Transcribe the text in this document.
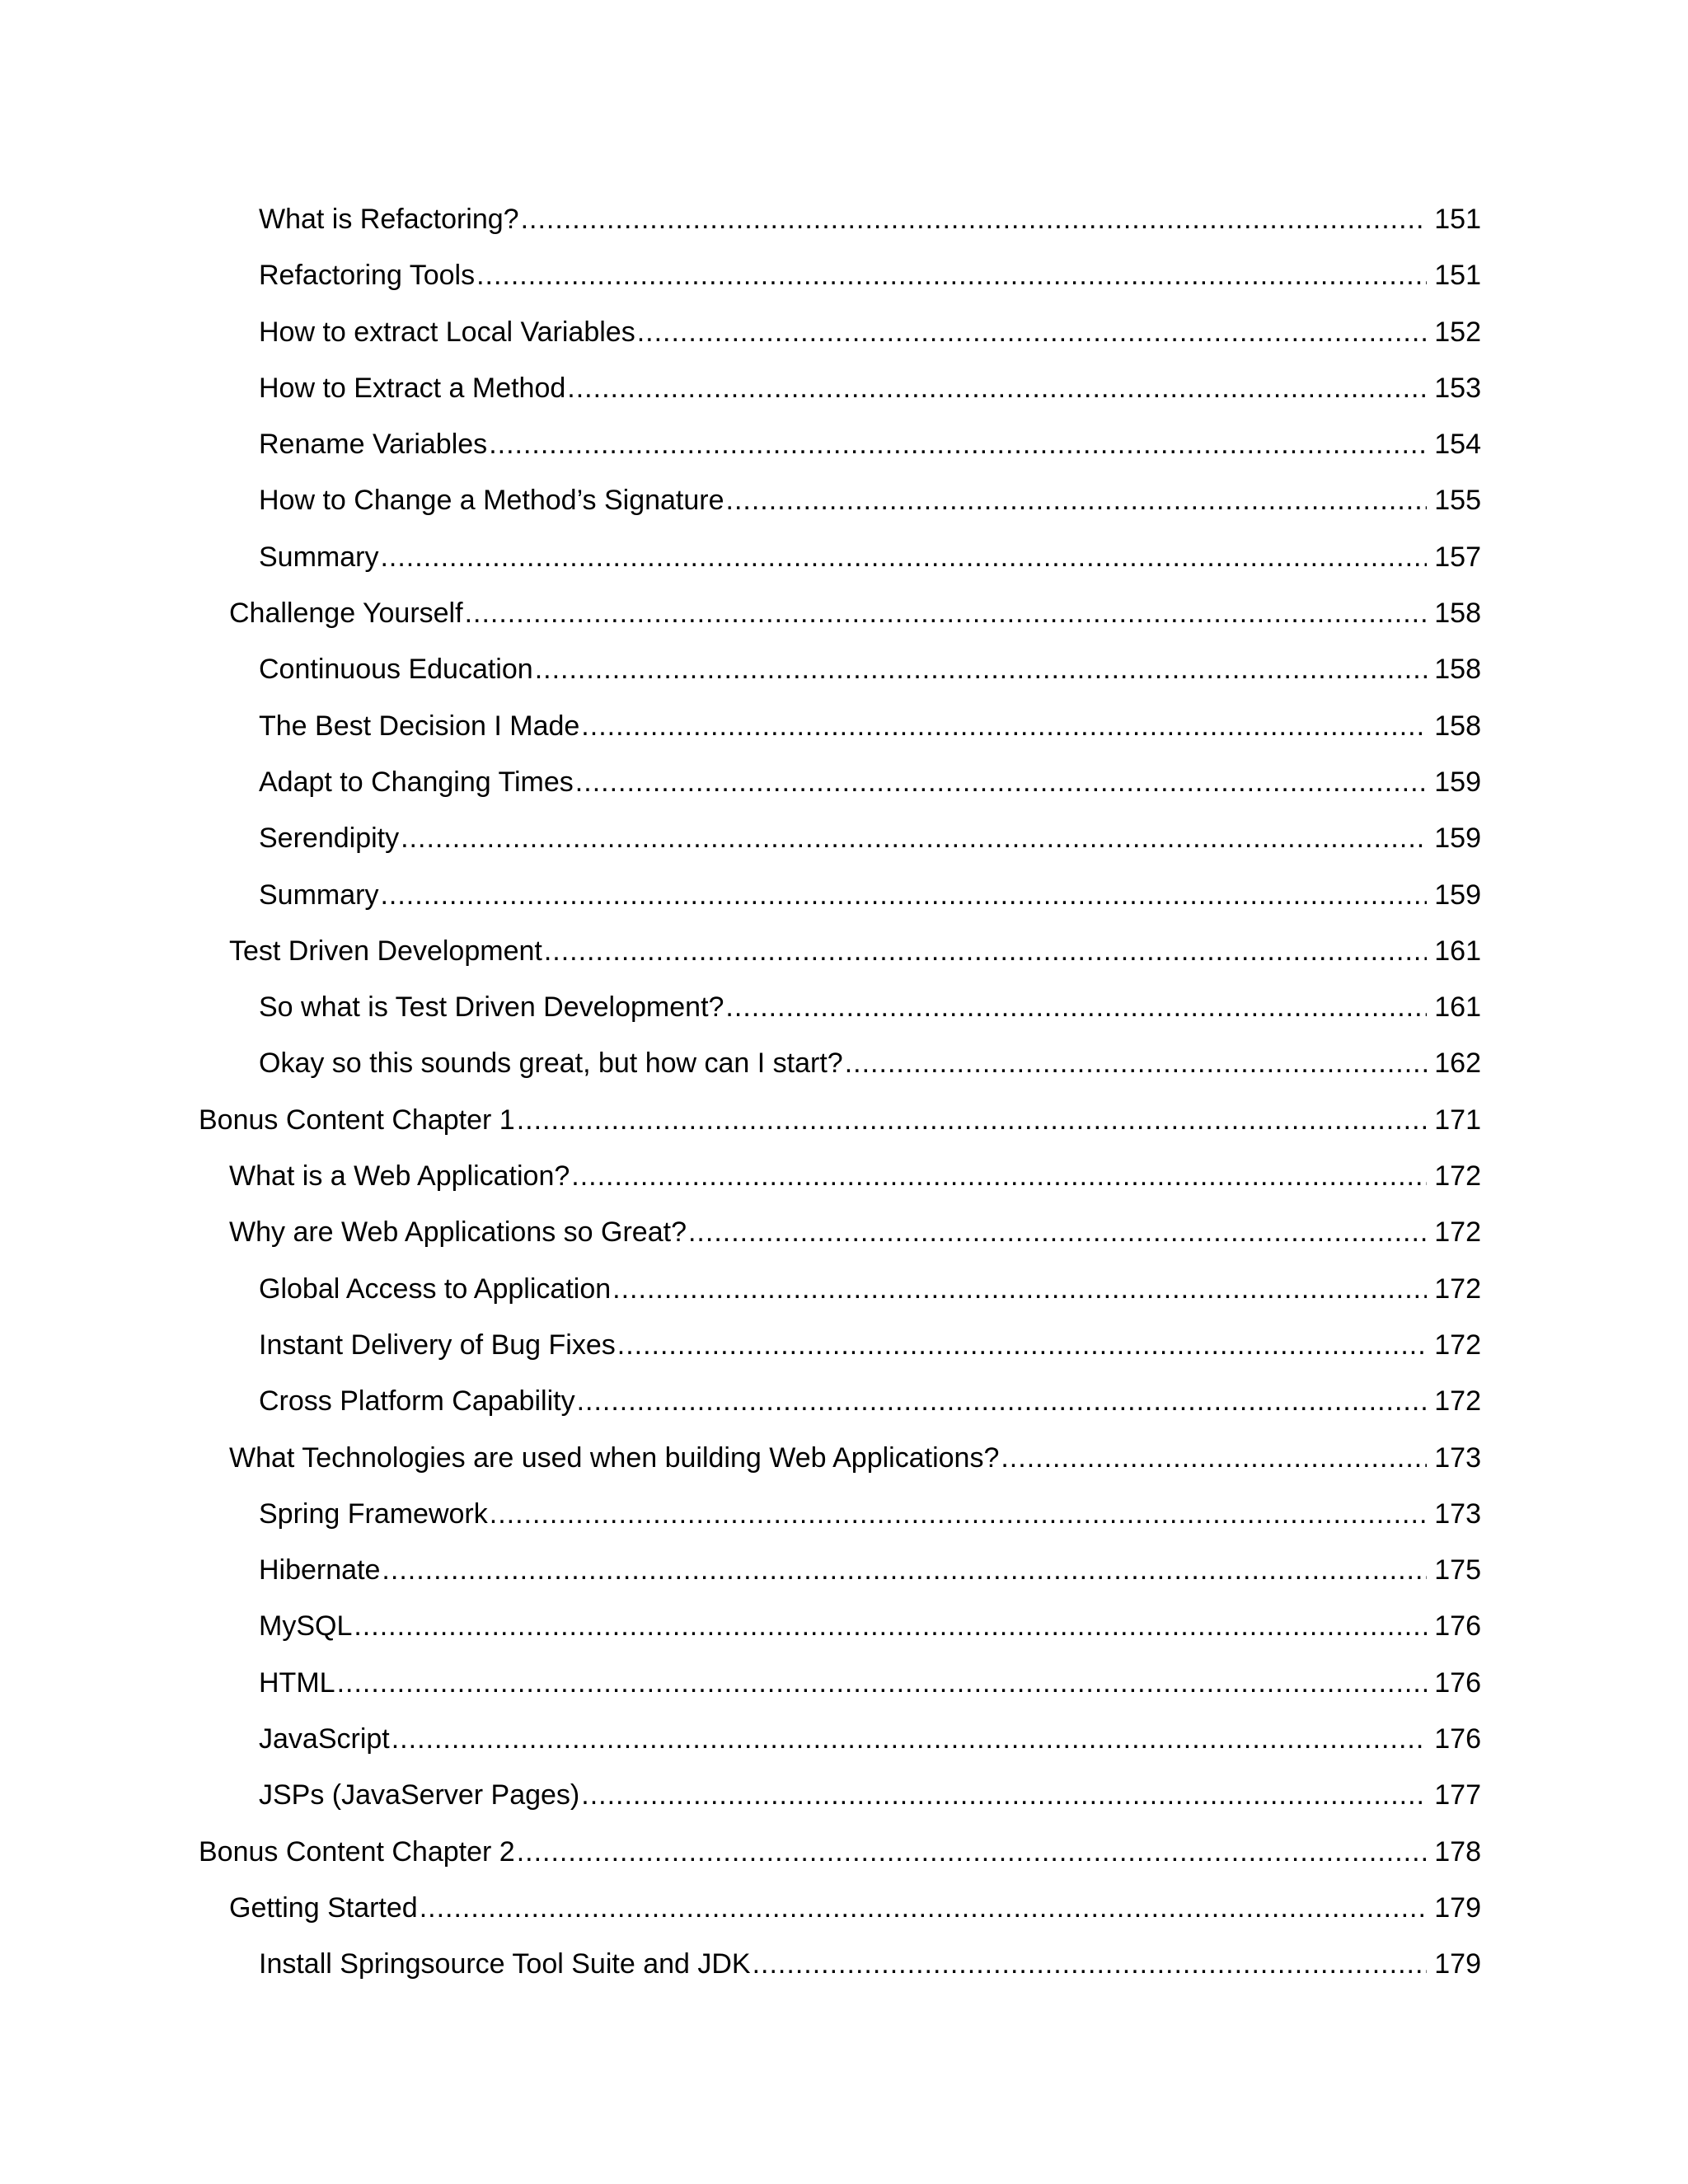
What is Refactoring? .....	151
Refactoring Tools .....	151
How to extract Local Variables .....	152
How to Extract a Method .....	153
Rename Variables .....	154
How to Change a Method’s Signature .....	155
Summary .....	157
Challenge Yourself .....	158
Continuous Education .....	158
The Best Decision I Made .....	158
Adapt to Changing Times .....	159
Serendipity .....	159
Summary .....	159
Test Driven Development .....	161
So what is Test Driven Development? .....	161
Okay so this sounds great, but how can I start? .....	162
Bonus Content Chapter 1 .....	171
What is a Web Application? .....	172
Why are Web Applications so Great? .....	172
Global Access to Application .....	172
Instant Delivery of Bug Fixes .....	172
Cross Platform Capability .....	172
What Technologies are used when building Web Applications? .....	173
Spring Framework .....	173
Hibernate .....	175
MySQL .....	176
HTML .....	176
JavaScript .....	176
JSPs (JavaServer Pages) .....	177
Bonus Content Chapter 2 .....	178
Getting Started .....	179
Install Springsource Tool Suite and JDK .....	179
